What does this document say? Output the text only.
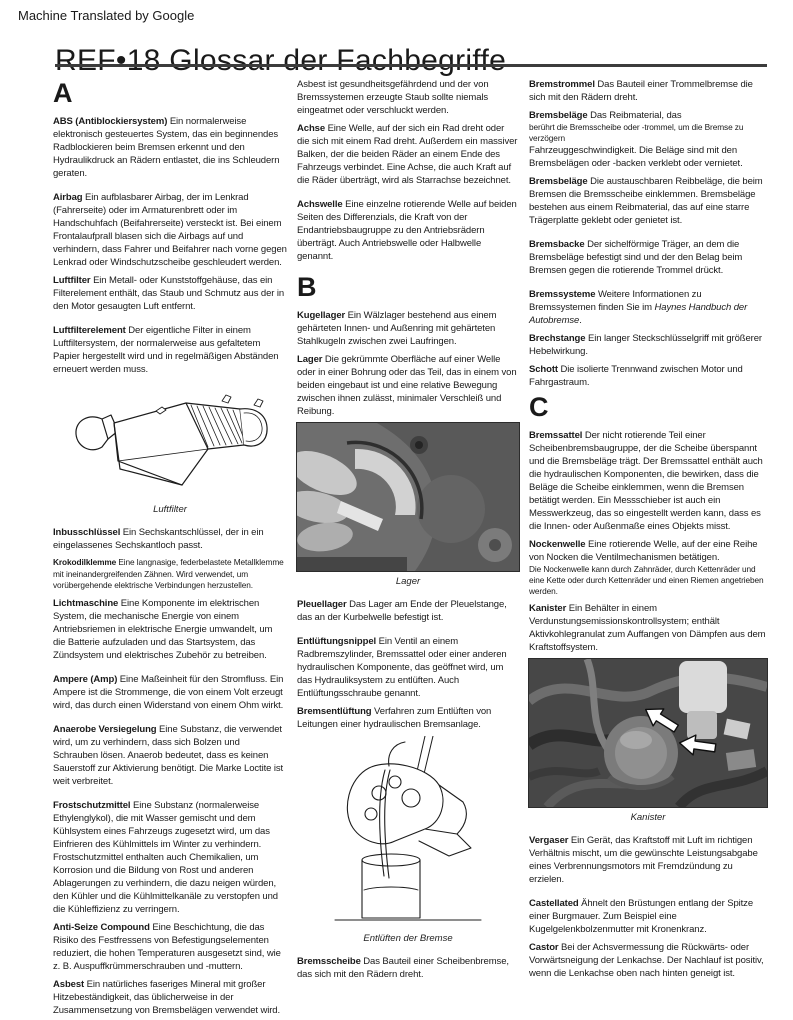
Machine Translated by Google
REF•18 Glossar der Fachbegriffe
A

ABS (Antiblockiersystem) Ein normalerweise elektronisch gesteuertes System, das ein beginnendes Radblockieren beim Bremsen erkennt und den Hydraulikdruck an Rädern entlastet, die ins Schleudern geraten.

Airbag Ein aufblasbarer Airbag, der im Lenkrad (Fahrerseite) oder im Armaturenbrett oder im Handschuhfach (Beifahrerseite) versteckt ist. Bei einem Frontalaufprall blasen sich die Airbags auf und verhindern, dass Fahrer und Beifahrer nach vorne gegen Lenkrad oder Windschutzscheibe geschleudert werden.

Luftfilter Ein Metall- oder Kunststoffgehäuse, das ein Filterelement enthält, das Staub und Schmutz aus der in den Motor gesaugten Luft entfernt.

Luftfilterelement Der eigentliche Filter in einem Luftfiltersystem, der normalerweise aus gefaltetem Papier hergestellt wird und in regelmäßigen Abständen erneuert werden muss.

Luftfilter

Inbusschlüssel Ein Sechskantschlüssel, der in ein eingelassenes Sechskantloch passt.

Krokodilklemme Eine langnasige, federbelastete Metallklemme mit ineinandergreifenden Zähnen. Wird verwendet, um vorübergehende elektrische Verbindungen herzustellen.

Lichtmaschine Eine Komponente im elektrischen System, die mechanische Energie von einem Antriebsriemen in elektrische Energie umwandelt, um die Batterie aufzuladen und das Startsystem, das Zündsystem und elektrisches Zubehör zu betreiben.

Ampere (Amp) Eine Maßeinheit für den Stromfluss. Ein Ampere ist die Strommenge, die von einem Volt erzeugt wird, das durch einen Widerstand von einem Ohm wirkt.

Anaerobe Versiegelung Eine Substanz, die verwendet wird, um zu verhindern, dass sich Bolzen und Schrauben lösen. Anaerob bedeutet, dass es keinen Sauerstoff zur Aktivierung benötigt. Die Marke Loctite ist weit verbreitet.

Frostschutzmittel Eine Substanz (normalerweise Ethylenglykol), die mit Wasser gemischt und dem Kühlsystem eines Fahrzeugs zugesetzt wird, um das Einfrieren des Kühlmittels im Winter zu verhindern. Frostschutzmittel enthalten auch Chemikalien, um Korrosion und die Bildung von Rost und anderen Ablagerungen zu verhindern, die dazu neigen würden, den Kühler und die Kühlmittelkanäle zu verstopfen und die Kühleffizienz zu verringern.

Anti-Seize Compound Eine Beschichtung, die das Risiko des Festfressens von Befestigungselementen reduziert, die hohen Temperaturen ausgesetzt sind, wie z. B. Auspuffkrümmerschrauben und -muttern.

Asbest Ein natürliches faseriges Mineral mit großer Hitzebeständigkeit, das üblicherweise in der Zusammensetzung von Bremsbelägen verwendet wird.

Asbest ist gesundheitsgefährdend und der von Bremssystemen erzeugte Staub sollte niemals eingeatmet oder verschluckt werden.

Achse Eine Welle, auf der sich ein Rad dreht oder die sich mit einem Rad dreht. Außerdem ein massiver Balken, der die beiden Räder an einem Ende des Fahrzeugs verbindet. Eine Achse, die auch Kraft auf die Räder überträgt, wird als Starrachse bezeichnet.

Achswelle Eine einzelne rotierende Welle auf beiden Seiten des Differenzials, die Kraft von der Endantriebsbaugruppe zu den Antriebsrädern überträgt. Auch Antriebswelle oder Halbwelle genannt.

B

Kugellager Ein Wälzlager bestehend aus einem gehärteten Innen- und Außenring mit gehärteten Stahlkugeln zwischen zwei Laufringen.

Lager Die gekrümmte Oberfläche auf einer Welle oder in einer Bohrung oder das Teil, das in einem von beiden eingebaut ist und eine relative Bewegung zwischen ihnen zulässt, minimaler Verschleiß und Reibung.

Lager

Pleuellager Das Lager am Ende der Pleuelstange, das an der Kurbelwelle befestigt ist.

Entlüftungsnippel Ein Ventil an einem Radbremszylinder, Bremssattel oder einer anderen hydraulischen Komponente, das geöffnet wird, um das Hydrauliksystem zu entlüften. Auch Entlüftungsschraube genannt.

Bremsentlüftung Verfahren zum Entlüften von Leitungen einer hydraulischen Bremsanlage.

Entlüften der Bremse

Bremsscheibe Das Bauteil einer Scheibenbremse, das sich mit den Rädern dreht.

Bremstrommel Das Bauteil einer Trommelbremse die sich mit den Rädern dreht.

Bremsbeläge Das Reibmaterial, das
berührt die Bremsscheibe oder -trommel, um die Bremse zu verzögern
Fahrzeuggeschwindigkeit. Die Beläge sind mit den Bremsbelägen oder -backen verklebt oder vernietet.

Bremsbeläge Die austauschbaren Reibbeläge, die beim Bremsen die Bremsscheibe einklemmen. Bremsbeläge bestehen aus einem Reibmaterial, das auf eine starre Trägerplatte geklebt oder genietet ist.

Bremsbacke Der sichelförmige Träger, an dem die Bremsbeläge befestigt sind und der den Belag beim Bremsen gegen die rotierende Trommel drückt.

Bremssysteme Weitere Informationen zu Bremssystemen finden Sie im Haynes Handbuch der Autobremse.

Brechstange Ein langer Steckschlüsselgriff mit größerer Hebelwirkung.

Schott Die isolierte Trennwand zwischen Motor und Fahrgastraum.

C

Bremssattel Der nicht rotierende Teil einer Scheibenbremsbaugruppe, der die Scheibe überspannt und die Bremsbeläge trägt. Der Bremssattel enthält auch die hydraulischen Komponenten, die bewirken, dass die Beläge die Scheibe einklemmen, wenn die Bremsen betätigt werden. Ein Messschieber ist auch ein Messwerkzeug, das so eingestellt werden kann, dass es die Innen- oder Außenmaße eines Objekts misst.

Nockenwelle Eine rotierende Welle, auf der eine Reihe von Nocken die Ventilmechanismen betätigen.
Die Nockenwelle kann durch Zahnräder, durch Kettenräder und eine Kette oder durch Kettenräder und einen Riemen angetrieben werden.

Kanister Ein Behälter in einem Verdunstungsemissionskontrollsystem; enthält Aktivkohlegranulat zum Auffangen von Dämpfen aus dem Kraftstoffsystem.

Kanister

Vergaser Ein Gerät, das Kraftstoff mit Luft im richtigen Verhältnis mischt, um die gewünschte Leistungsabgabe eines Verbrennungsmotors mit Fremdzündung zu erzielen.

Castellated Ähnelt den Brüstungen entlang der Spitze einer Burgmauer. Zum Beispiel eine Kugelgelenkbolzenmutter mit Kronenkranz.

Castor Bei der Achsvermessung die Rückwärts- oder Vorwärtsneigung der Lenkachse. Der Nachlauf ist positiv, wenn die Lenkachse oben nach hinten geneigt ist.
